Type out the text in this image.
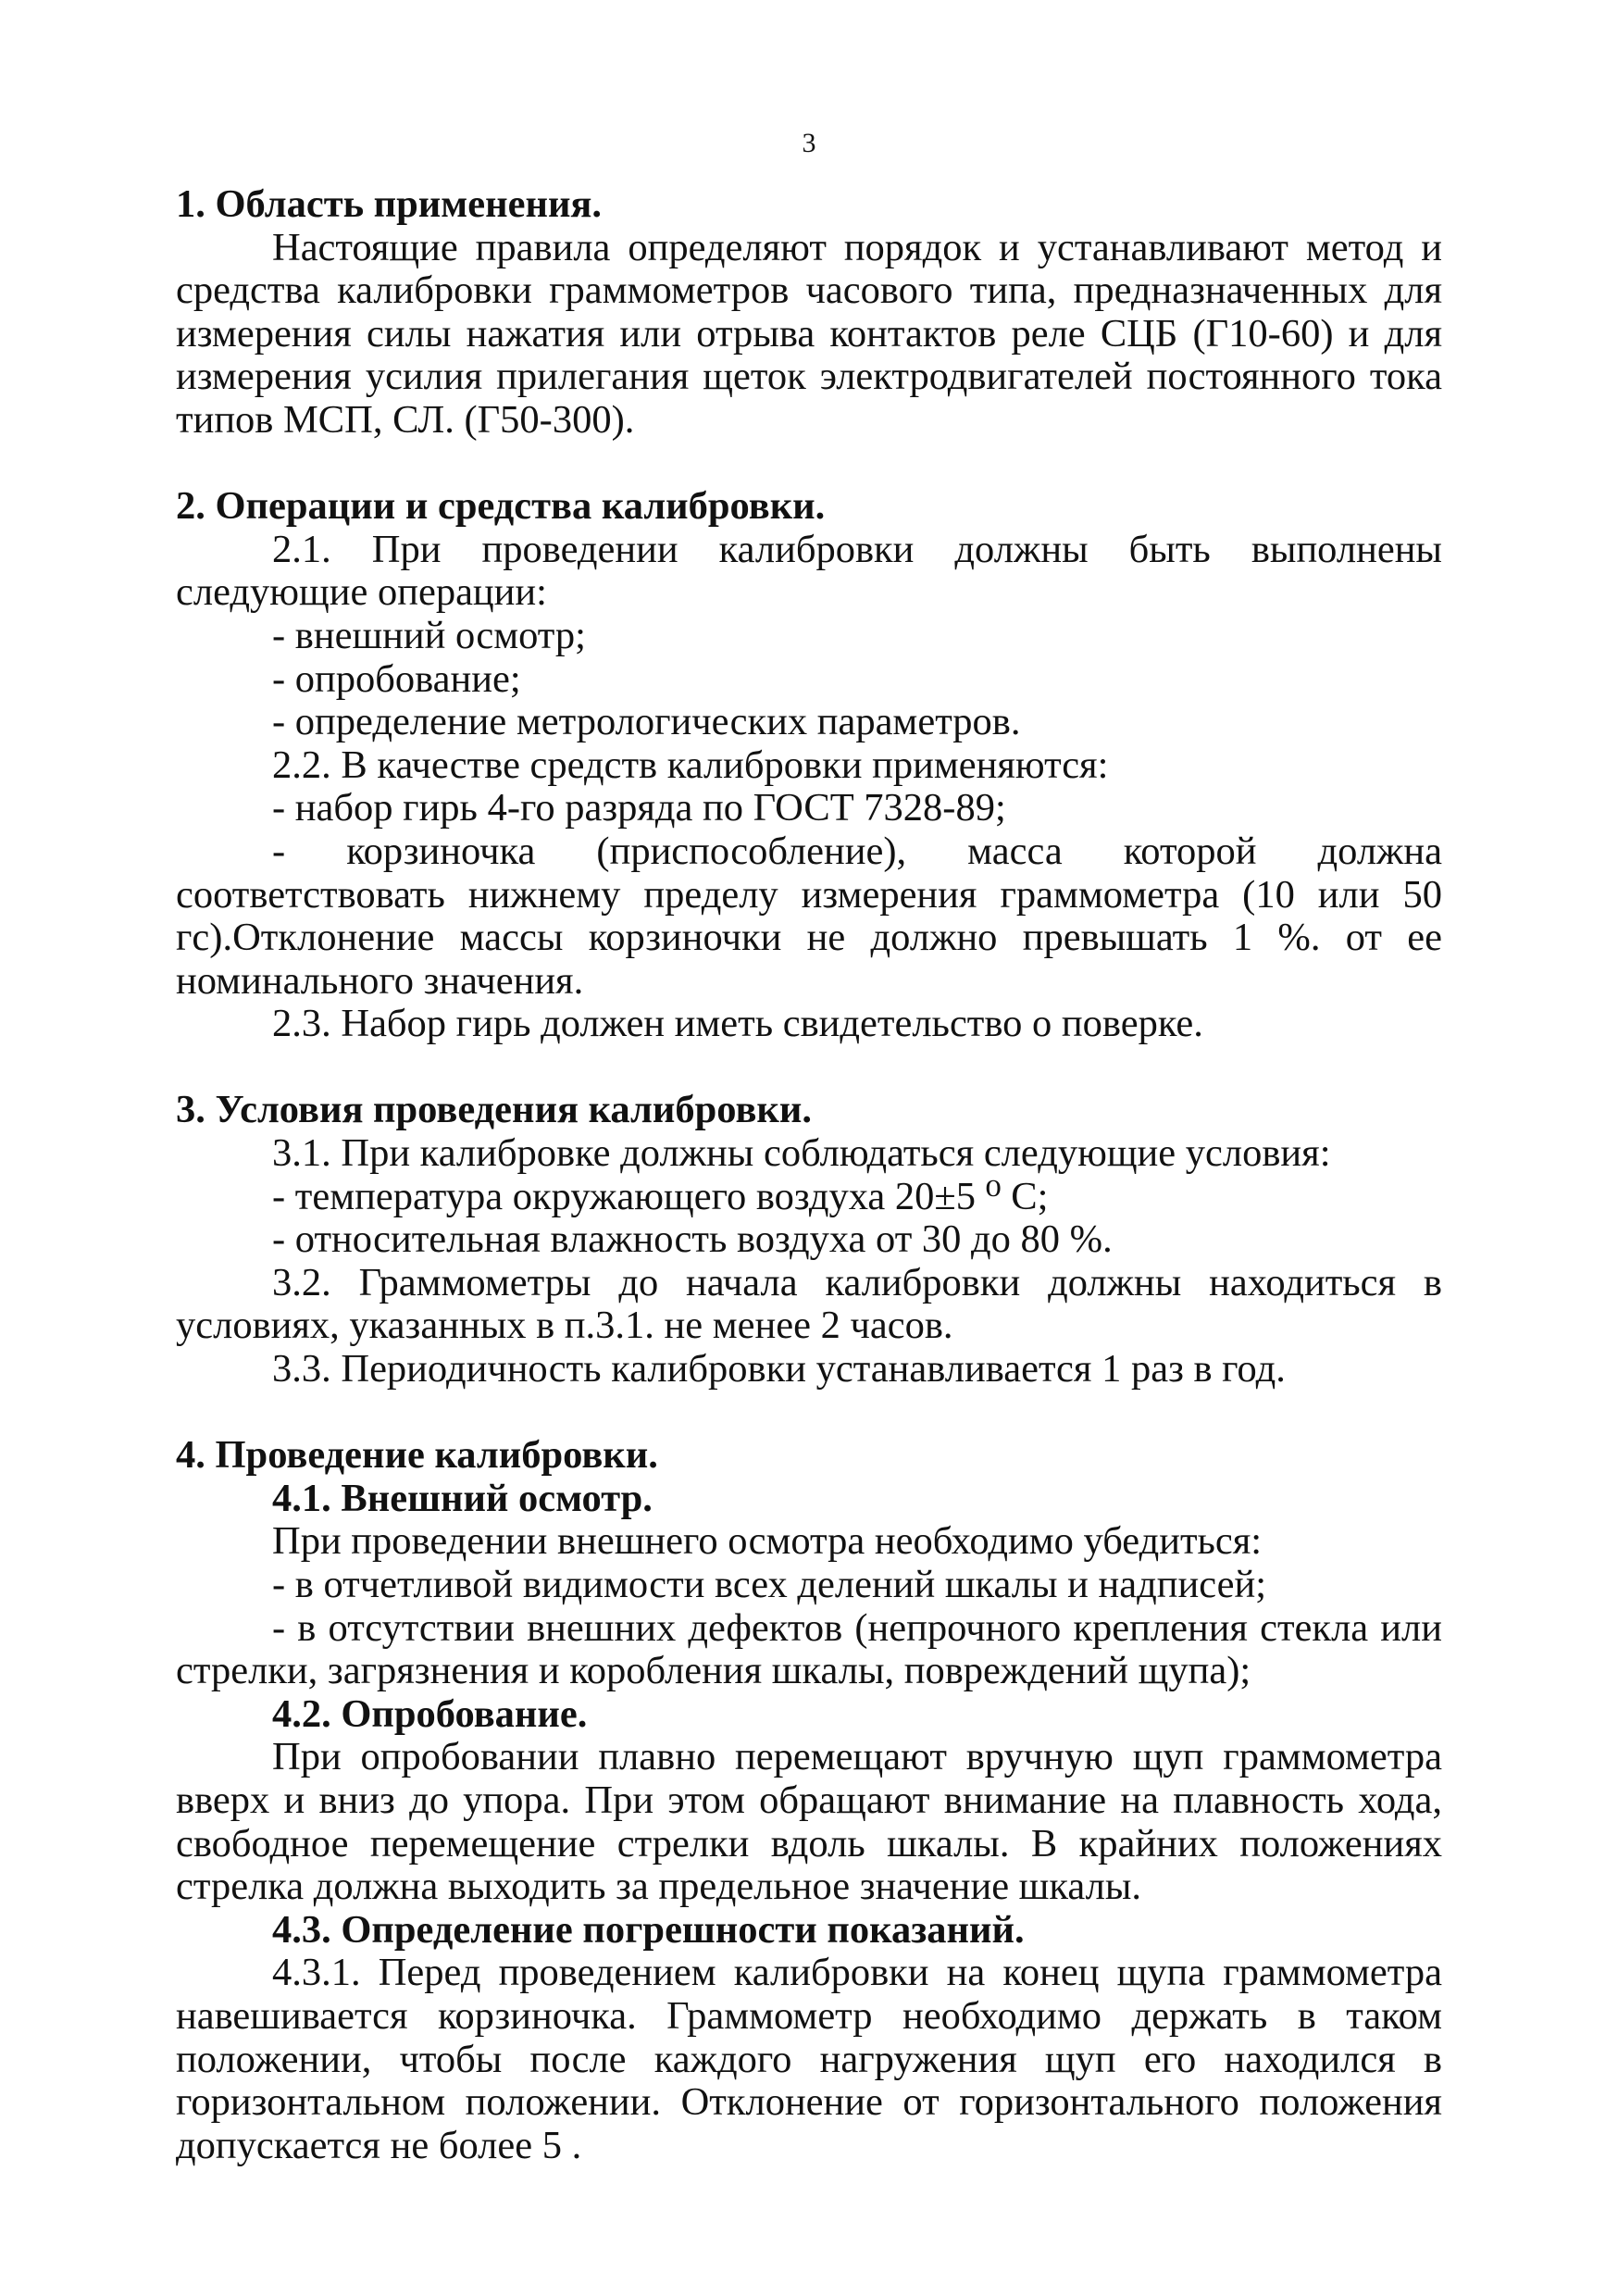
3

1. Область применения.

Настоящие правила определяют порядок и устанавливают метод и средства калибровки граммометров часового типа, предназначенных для измерения силы нажатия или отрыва контактов реле СЦБ (Г10-60) и для измерения усилия прилегания щеток электродвигателей постоянного тока типов МСП, СЛ. (Г50-300).

2. Операции и средства калибровки.

2.1. При проведении калибровки должны быть выполнены следующие операции:

- внешний осмотр;

- опробование;

- определение метрологических параметров.

2.2. В качестве средств калибровки применяются:

- набор гирь 4-го разряда по ГОСТ 7328-89;

- корзиночка (приспособление), масса которой должна соответствовать нижнему пределу измерения граммометра (10 или 50 гс).Отклонение массы корзиночки не должно превышать 1 %. от ее номинального значения.

2.3. Набор гирь должен иметь свидетельство о поверке.

3. Условия проведения калибровки.

3.1. При калибровке должны соблюдаться следующие условия:

- температура окружающего воздуха 20±5 ⁰ С;

- относительная влажность воздуха от 30 до 80 %.

3.2. Граммометры до начала калибровки должны находиться в условиях, указанных в п.3.1. не менее 2 часов.

3.3. Периодичность калибровки устанавливается 1 раз в год.

4. Проведение калибровки.

4.1. Внешний осмотр.

При проведении внешнего осмотра необходимо убедиться:

- в отчетливой видимости всех делений шкалы и надписей;

- в отсутствии внешних дефектов (непрочного крепления стекла или стрелки, загрязнения и коробления шкалы, повреждений щупа);

4.2. Опробование.

При опробовании плавно перемещают вручную щуп граммометра вверх и вниз до упора. При этом обращают внимание на плавность хода, свободное перемещение стрелки вдоль шкалы. В крайних положениях стрелка должна выходить за предельное значение шкалы.

4.3. Определение погрешности показаний.

4.3.1. Перед проведением калибровки на конец щупа граммометра навешивается корзиночка. Граммометр необходимо держать в таком положении, чтобы после каждого нагружения щуп его находился в горизонтальном положении. Отклонение от горизонтального положения допускается не более 5 .
